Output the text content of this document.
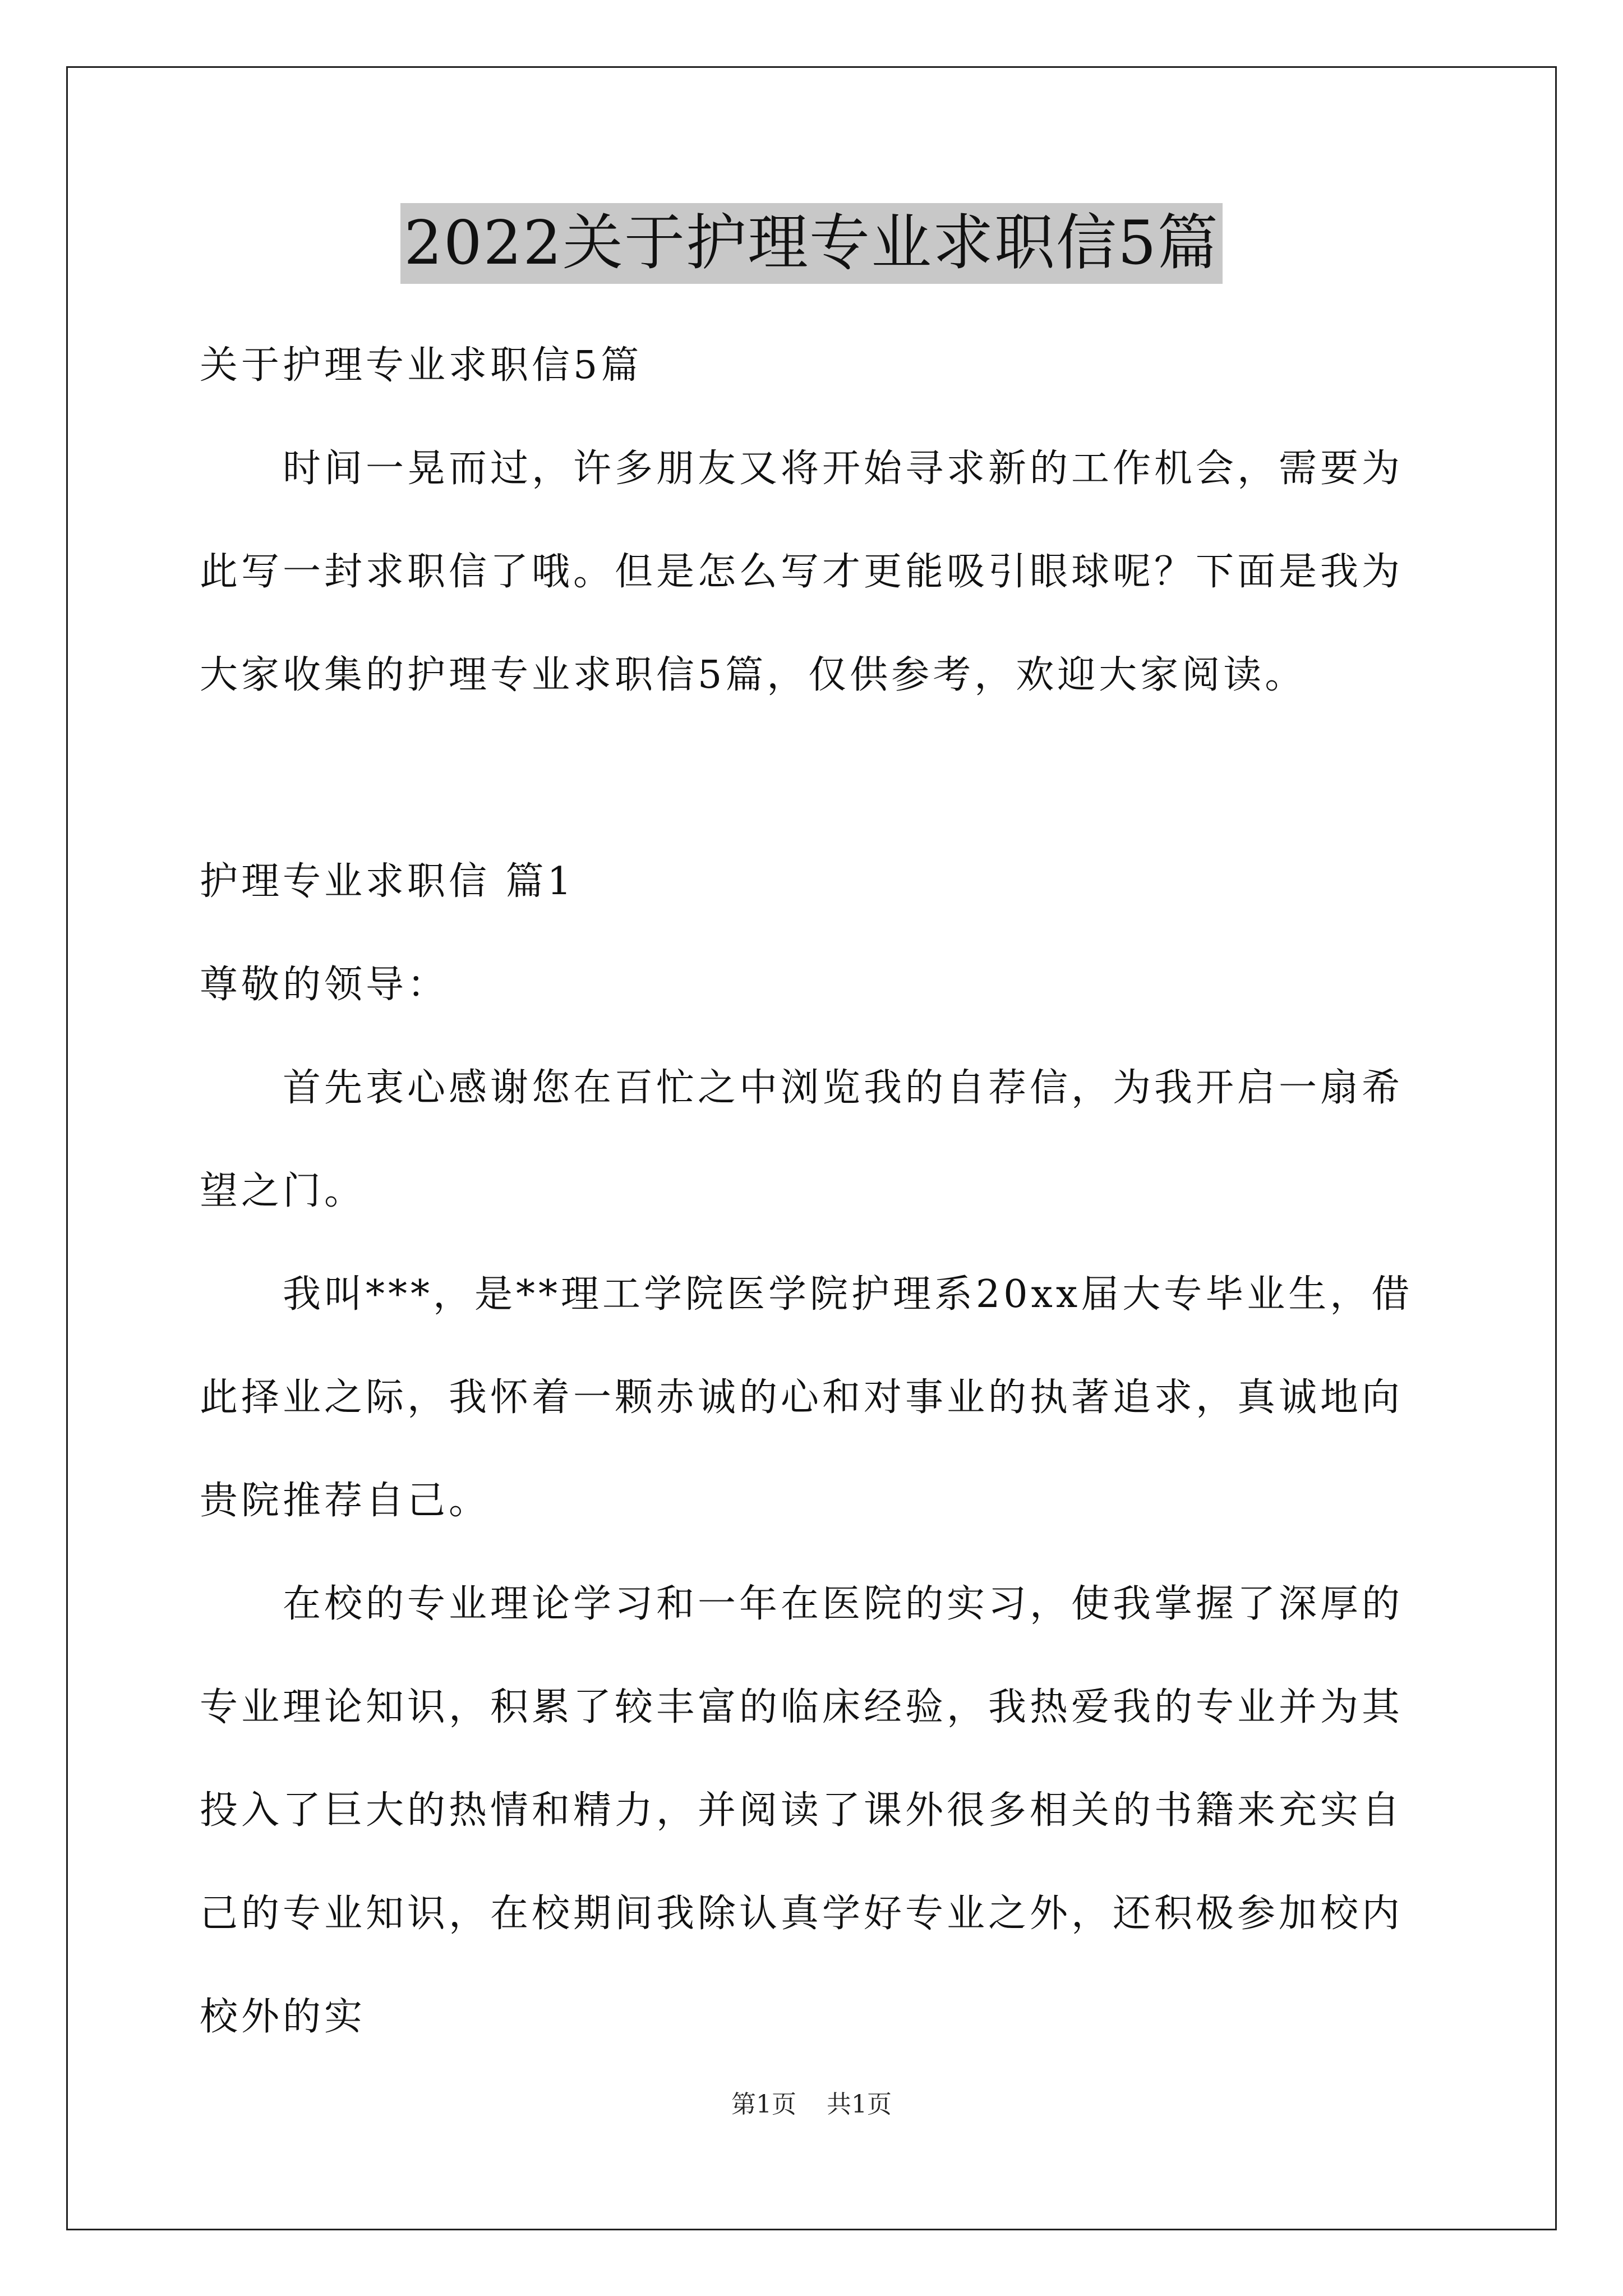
2022关于护理专业求职信5篇

关于护理专业求职信5篇

时间一晃而过，许多朋友又将开始寻求新的工作机会，需要为此写一封求职信了哦。但是怎么写才更能吸引眼球呢？下面是我为大家收集的护理专业求职信5篇，仅供参考，欢迎大家阅读。

护理专业求职信 篇1

尊敬的领导：

首先衷心感谢您在百忙之中浏览我的自荐信，为我开启一扇希望之门。

我叫***，是**理工学院医学院护理系20xx届大专毕业生，借此择业之际，我怀着一颗赤诚的心和对事业的执著追求，真诚地向贵院推荐自己。

在校的专业理论学习和一年在医院的实习，使我掌握了深厚的专业理论知识，积累了较丰富的临床经验，我热爱我的专业并为其投入了巨大的热情和精力，并阅读了课外很多相关的书籍来充实自己的专业知识，在校期间我除认真学好专业之外，还积极参加校内校外的实

第1页 共1页
